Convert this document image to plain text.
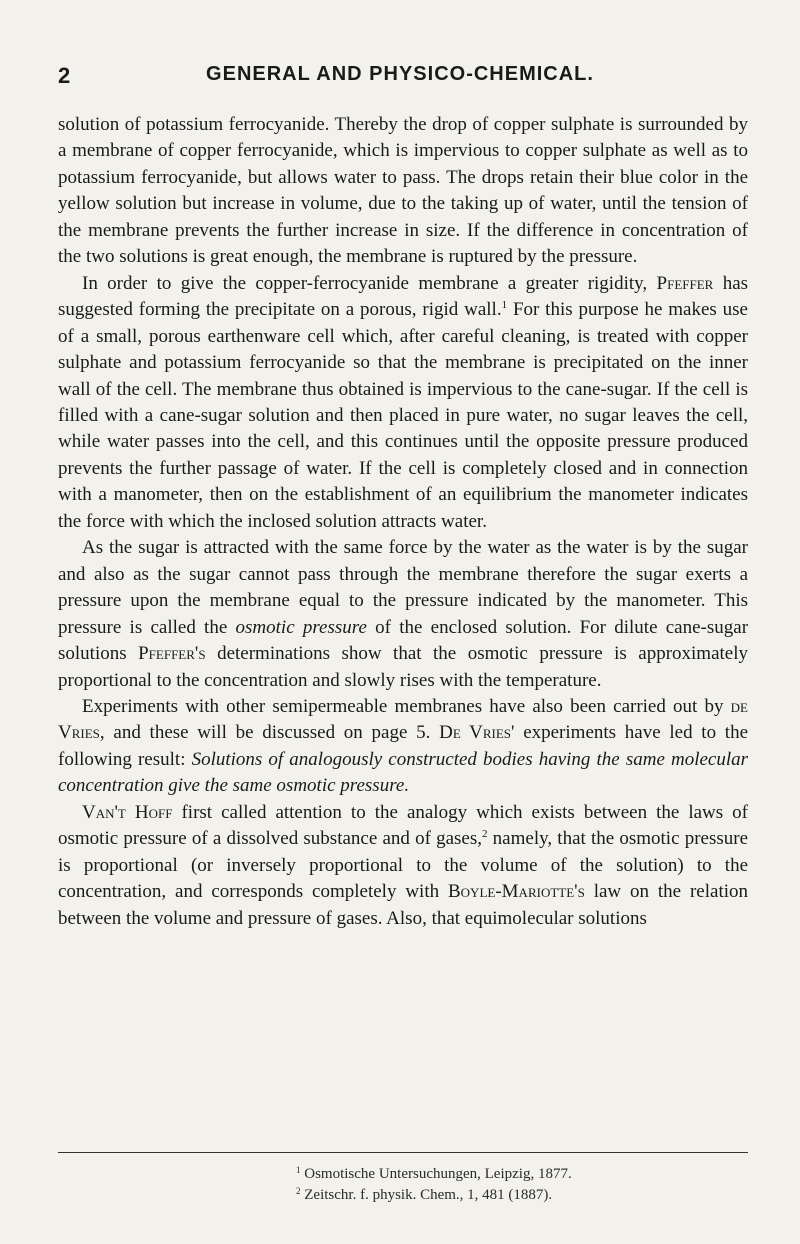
2	GENERAL AND PHYSICO-CHEMICAL.

solution of potassium ferrocyanide. Thereby the drop of copper sulphate is surrounded by a membrane of copper ferrocyanide, which is impervious to copper sulphate as well as to potassium ferrocyanide, but allows water to pass. The drops retain their blue color in the yellow solution but increase in volume, due to the taking up of water, until the tension of the membrane prevents the further increase in size. If the difference in concentration of the two solutions is great enough, the membrane is ruptured by the pressure.

In order to give the copper-ferrocyanide membrane a greater rigidity, Pfeffer has suggested forming the precipitate on a porous, rigid wall.$^1$ For this purpose he makes use of a small, porous earthenware cell which, after careful cleaning, is treated with copper sulphate and potassium ferrocyanide so that the membrane is precipitated on the inner wall of the cell. The membrane thus obtained is impervious to the cane-sugar. If the cell is filled with a cane-sugar solution and then placed in pure water, no sugar leaves the cell, while water passes into the cell, and this continues until the opposite pressure produced prevents the further passage of water. If the cell is completely closed and in connection with a manometer, then on the establishment of an equilibrium the manometer indicates the force with which the inclosed solution attracts water.

As the sugar is attracted with the same force by the water as the water is by the sugar and also as the sugar cannot pass through the membrane therefore the sugar exerts a pressure upon the membrane equal to the pressure indicated by the manometer. This pressure is called the osmotic pressure of the enclosed solution. For dilute cane-sugar solutions Pfeffer's determinations show that the osmotic pressure is approximately proportional to the concentration and slowly rises with the temperature.

Experiments with other semipermeable membranes have also been carried out by de Vries, and these will be discussed on page 5. De Vries' experiments have led to the following result: Solutions of analogously constructed bodies having the same molecular concentration give the same osmotic pressure.

Van't Hoff first called attention to the analogy which exists between the laws of osmotic pressure of a dissolved substance and of gases,$^2$ namely, that the osmotic pressure is proportional (or inversely proportional to the volume of the solution) to the concentration, and corresponds completely with Boyle-Mariotte's law on the relation between the volume and pressure of gases. Also, that equimolecular solutions

$^1$ Osmotische Untersuchungen, Leipzig, 1877.
$^2$ Zeitschr. f. physik. Chem., 1, 481 (1887).
